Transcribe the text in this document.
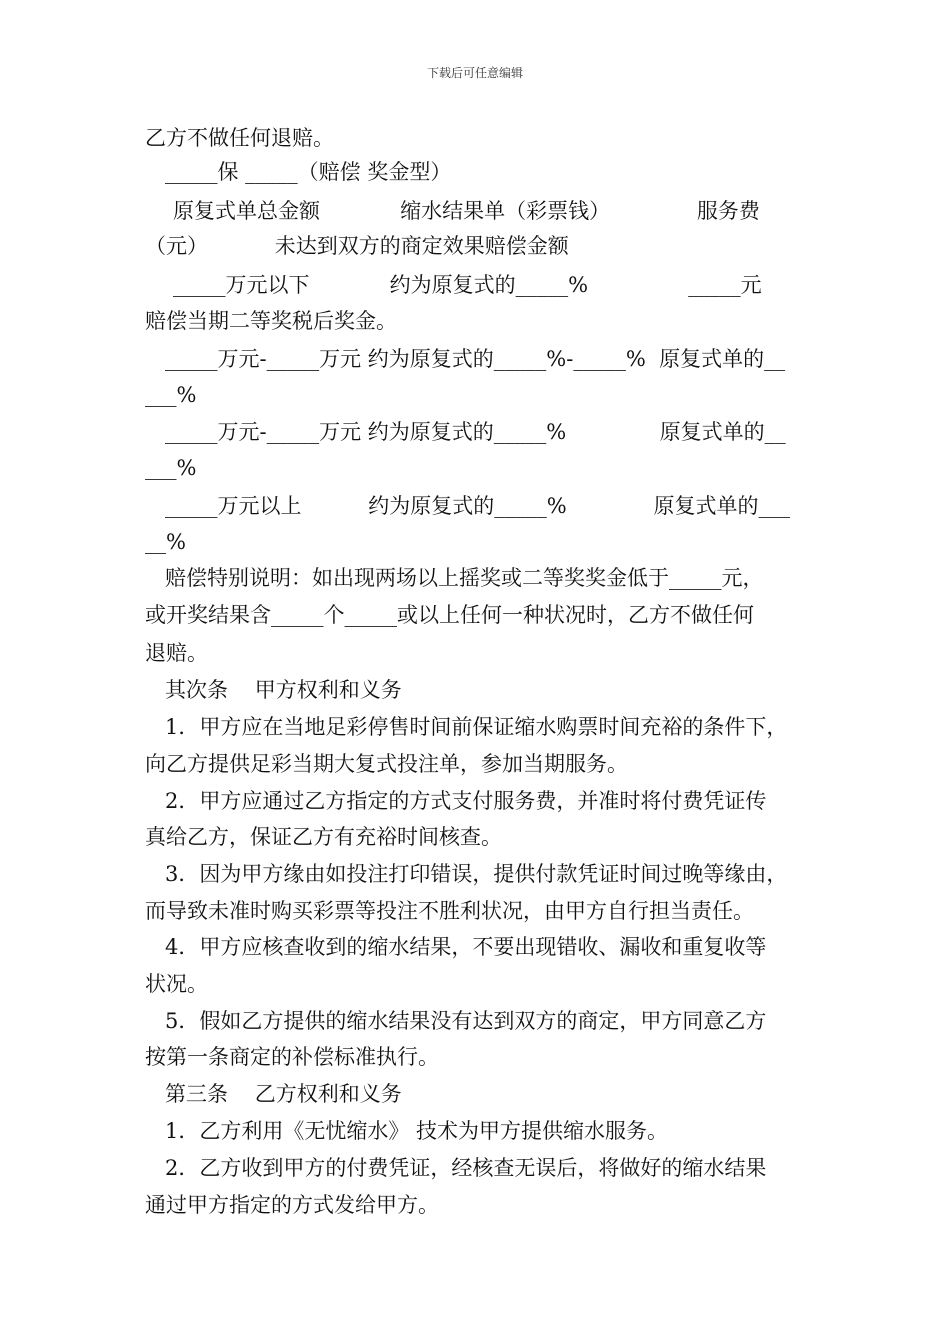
下载后可任意编辑
乙方不做任何退赔。
_____保 _____（赔偿 奖金型）
原复式单总金额            缩水结果单（彩票钱）             服务费
（元）          未达到双方的商定效果赔偿金额
_____万元以下            约为原复式的_____%               _____元
赔偿当期二等奖税后奖金。
_____万元-_____万元 约为原复式的_____%-_____%  原复式单的__
___%
_____万元-_____万元 约为原复式的_____%              原复式单的__
___%
_____万元以上          约为原复式的_____%             原复式单的___
__%
赔偿特别说明：如出现两场以上摇奖或二等奖奖金低于_____元，
或开奖结果含_____个_____或以上任何一种状况时，乙方不做任何
退赔。
其次条    甲方权利和义务
1．甲方应在当地足彩停售时间前保证缩水购票时间充裕的条件下，
向乙方提供足彩当期大复式投注单，参加当期服务。
2．甲方应通过乙方指定的方式支付服务费，并准时将付费凭证传
真给乙方，保证乙方有充裕时间核查。
3．因为甲方缘由如投注打印错误，提供付款凭证时间过晚等缘由，
而导致未准时购买彩票等投注不胜利状况，由甲方自行担当责任。
4．甲方应核查收到的缩水结果，不要出现错收、漏收和重复收等
状况。
5．假如乙方提供的缩水结果没有达到双方的商定，甲方同意乙方
按第一条商定的补偿标准执行。
第三条    乙方权利和义务
1．乙方利用《无忧缩水》 技术为甲方提供缩水服务。
2．乙方收到甲方的付费凭证，经核查无误后，将做好的缩水结果
通过甲方指定的方式发给甲方。
